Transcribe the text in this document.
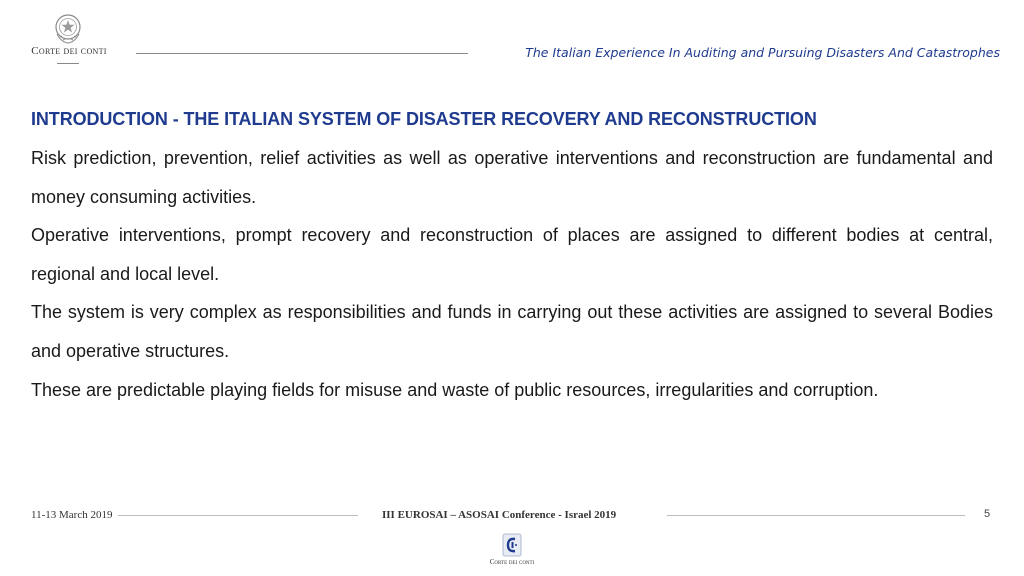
Corte dei conti	The Italian Experience In Auditing and Pursuing Disasters And Catastrophes
INTRODUCTION - THE ITALIAN SYSTEM OF DISASTER RECOVERY AND RECONSTRUCTION

Risk prediction, prevention, relief activities as well as operative interventions and reconstruction are fundamental and money consuming activities.

Operative interventions, prompt recovery and reconstruction of places are assigned to different bodies at central, regional and local level.

The system is very complex as responsibilities and funds in carrying out these activities are assigned to several Bodies and operative structures.

These are predictable playing fields for misuse and waste of public resources, irregularities and corruption.

11-13 March 2019	III EUROSAI – ASOSAI Conference - Israel 2019	5
Corte dei conti
